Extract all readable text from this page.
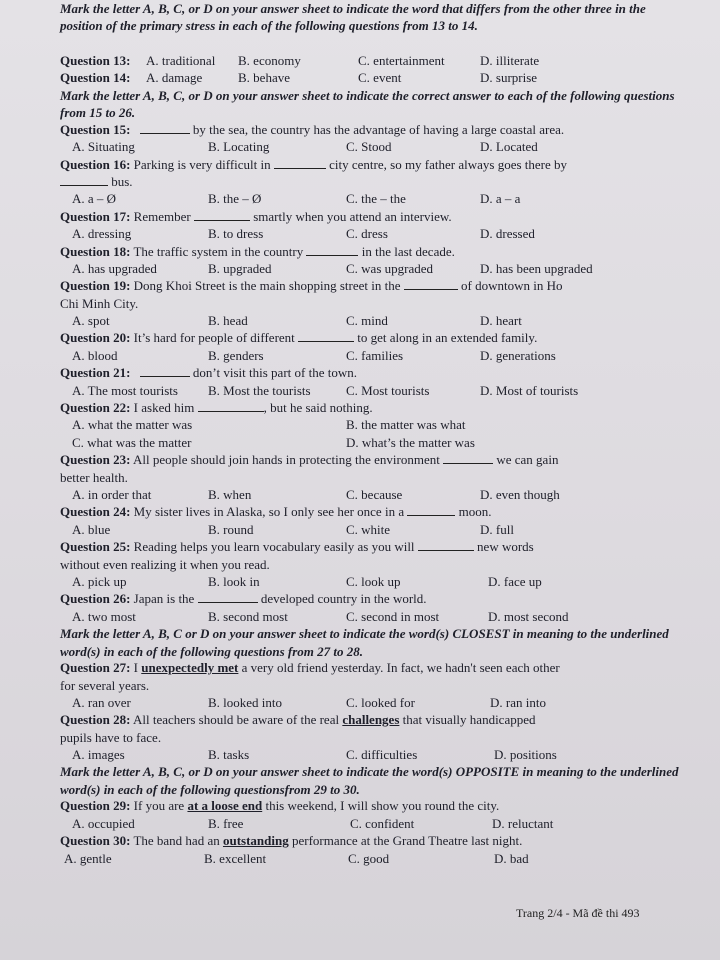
Mark the letter A, B, C, or D on your answer sheet to indicate the word that differs from the other three in the position of the primary stress in each of the following questions from 13 to 14.
Question 13: A. traditional B. economy	C. entertainment	D. illiterate
Question 14: A. damage	B. behave	C. event	D. surprise
Mark the letter A, B, C, or D on your answer sheet to indicate the correct answer to each of the following questions from 15 to 26.
Question 15:	by the sea, the country has the advantage of having a large coastal area.
A. Situating	B. Locating	C. Stood	D. Located
Question 16: Parking is very difficult in	city centre, so my father always goes there by
bus.
A. a – Ø	B. the – Ø	C. the – the	D. a – a
Question 17: Remember	smartly when you attend an interview.
A. dressing	B. to dress	C. dress	D. dressed
Question 18: The traffic system in the country	in the last decade.
A. has upgraded	B. upgraded	C. was upgraded	D. has been upgraded
Question 19: Dong Khoi Street is the main shopping street in the	of downtown in Ho
Chi Minh City.
A. spot	B. head	C. mind	D. heart
Question 20: It’s hard for people of different	to get along in an extended family.
A. blood	B. genders	C. families	D. generations
Question 21:	don’t visit this part of the town.
A. The most tourists B. Most the tourists	C. Most tourists	D. Most of tourists
Question 22: I asked him	, but he said nothing.
A. what the matter was	B. the matter was what
C. what was the matter	D. what’s the matter was
Question 23: All people should join hands in protecting the environment	we can gain
better health.
A. in order that	B. when	C. because	D. even though
Question 24: My sister lives in Alaska, so I only see her once in a	moon.
A. blue	B. round	C. white	D. full
Question 25: Reading helps you learn vocabulary easily as you will	new words
without even realizing it when you read.
A. pick up	B. look in	C. look up	D. face up
Question 26: Japan is the	developed country in the world.
A. two most	B. second most	C. second in most	D. most second
Mark the letter A, B, C or D on your answer sheet to indicate the word(s) CLOSEST in meaning to the underlined word(s) in each of the following questions from 27 to 28.
Question 27: I unexpectedly met a very old friend yesterday. In fact, we hadn't seen each other
for several years.
A. ran over	B. looked into	C. looked for	D. ran into
Question 28: All teachers should be aware of the real challenges that visually handicapped
pupils have to face.
A. images	B. tasks	C. difficulties	D. positions
Mark the letter A, B, C, or D on your answer sheet to indicate the word(s) OPPOSITE in meaning to the underlined word(s) in each of the following questionsfrom 29 to 30.
Question 29: If you are at a loose end this weekend, I will show you round the city.
A. occupied	B. free	C. confident	D. reluctant
Question 30: The band had an outstanding performance at the Grand Theatre last night.
A. gentle	B. excellent	C. good	D. bad
Trang 2/4 - Mã đề thi 493
